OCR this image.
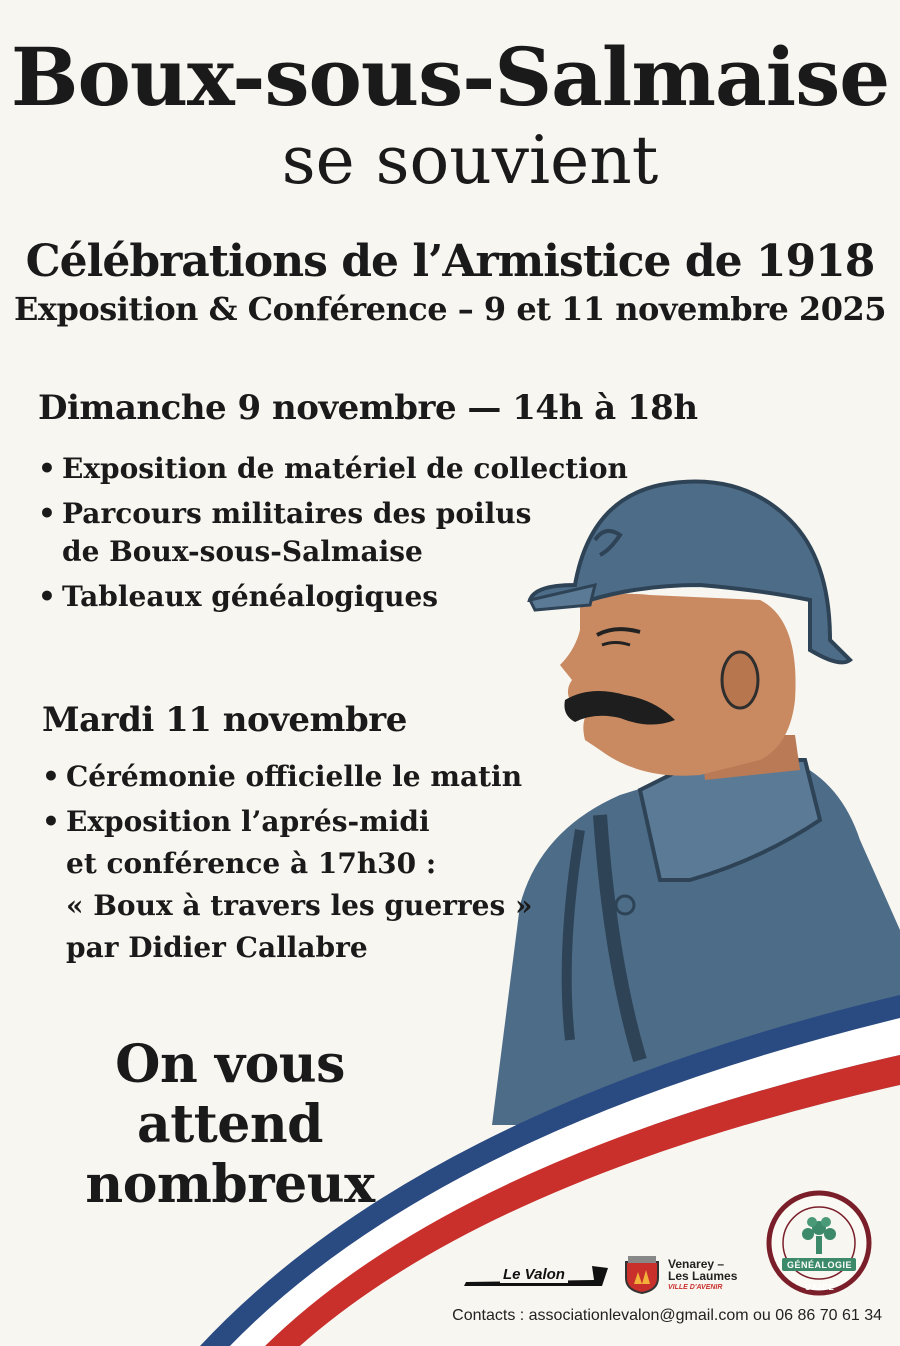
Boux-sous-Salmaise
se souvient
Célébrations de l’Armistice de 1918
Exposition & Conférence – 9 et 11 novembre 2025
Dimanche 9 novembre — 14h à 18h
• Exposition de matériel de collection
• Parcours militaires des poilus
de Boux-sous-Salmaise
• Tableaux généalogiques
Mardi 11 novembre
• Cérémonie officielle le matin
• Exposition l’aprés-midi
et conférence à 17h30 :
« Boux à travers les guerres »
par Didier Callabre
On vous attend
nombreux
Le Valon
Venarey –
Les Laumes
VILLE D'AVENIR
GÉNÉALOGIE
UAICE
Contacts : associationlevalon@gmail.com ou 06 86 70 61 34
